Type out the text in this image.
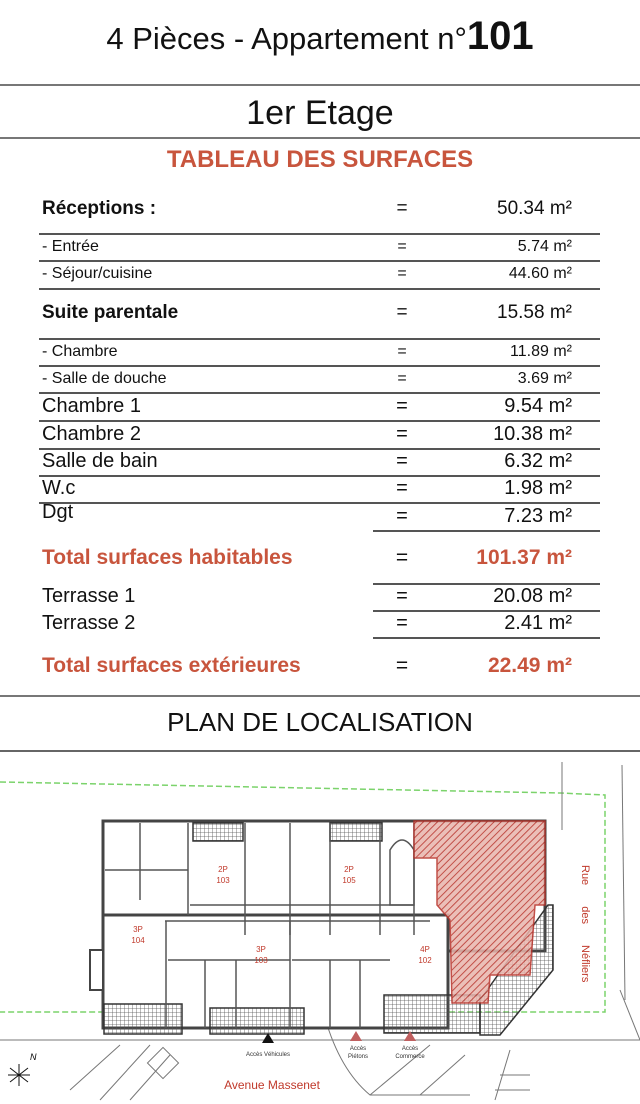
4 Pièces - Appartement n°101
1er Etage
TABLEAU DES SURFACES
Réceptions :	=	50.34 m²
- Entrée	=	5.74 m²
- Séjour/cuisine	=	44.60 m²
Suite parentale	=	15.58 m²
- Chambre	=	11.89 m²
- Salle de douche	=	3.69 m²
Chambre 1	=	9.54 m²
Chambre 2	=	10.38 m²
Salle de bain	=	6.32 m²
W.c	=	1.98 m²
Dgt	=	7.23 m²
Total surfaces habitables	=	101.37 m²
Terrasse 1	=	20.08 m²
Terrasse 2	=	2.41 m²
Total surfaces extérieures	=	22.49 m²
PLAN DE LOCALISATION
2P
103
2P
105
3P
104
3P
103
4P
102	Rue des Néfliers
Avenue Massenet
Accès Véhicules
Accès
Piétons
Accès
Commerce
N
